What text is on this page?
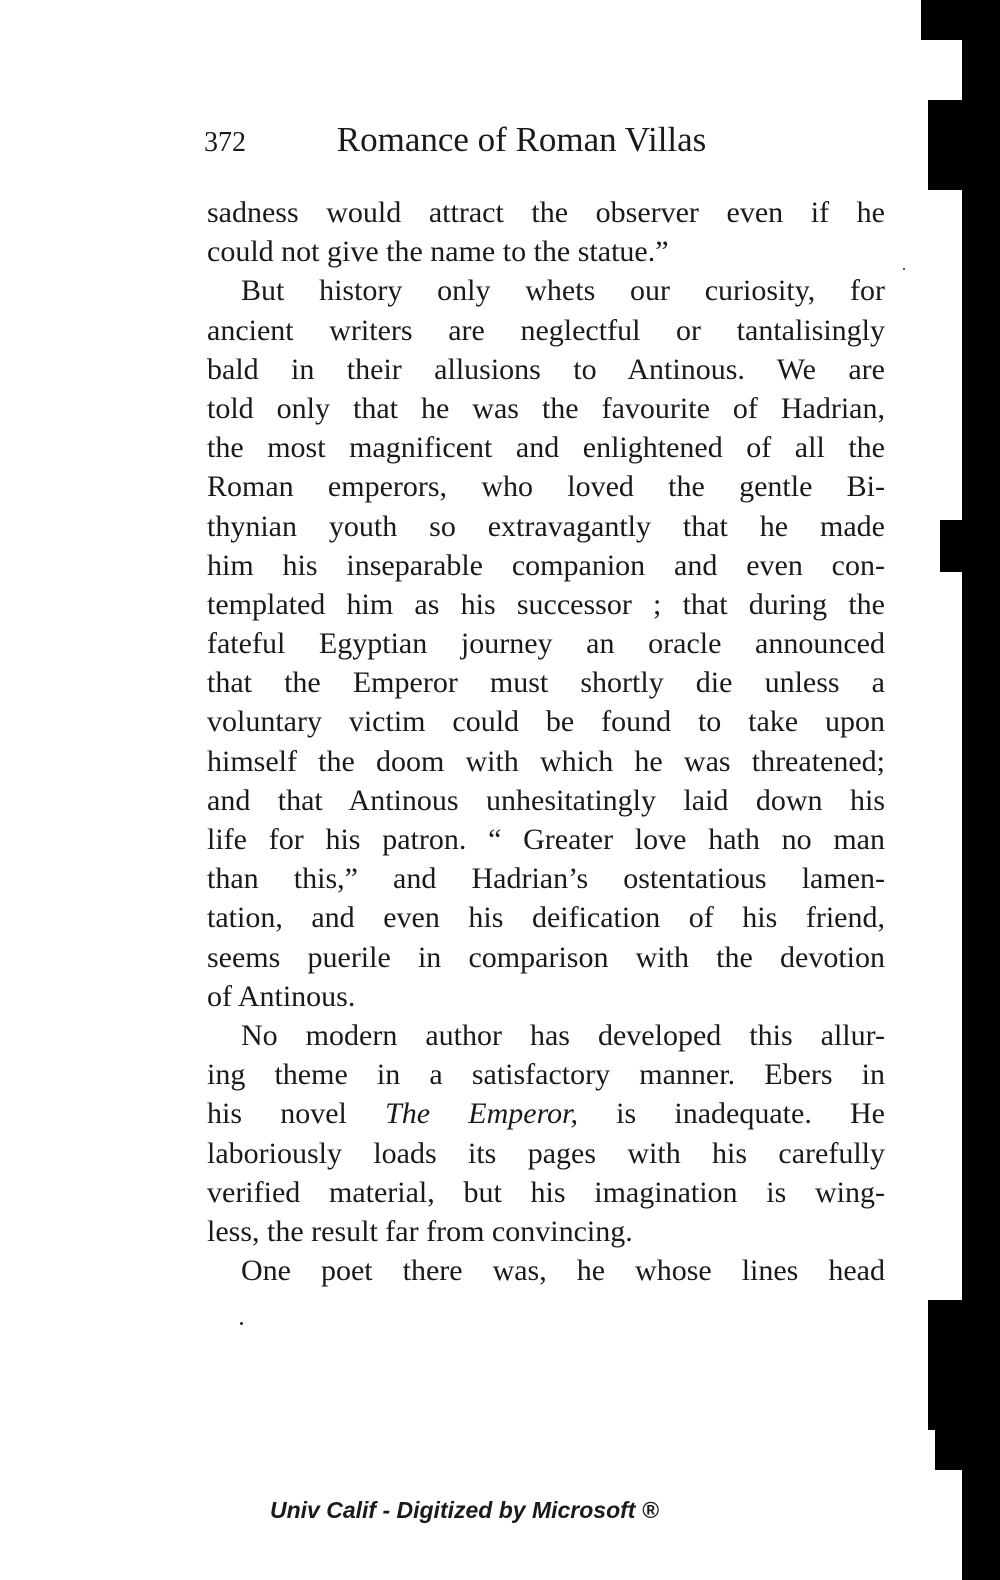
372	Romance of Roman Villas
sadness would attract the observer even if he
could not give the name to the statue.”
But history only whets our curiosity, for
ancient writers are neglectful or tantalisingly
bald in their allusions to Antinous. We are
told only that he was the favourite of Hadrian,
the most magnificent and enlightened of all the
Roman emperors, who loved the gentle Bi-
thynian youth so extravagantly that he made
him his inseparable companion and even con-
templated him as his successor ; that during the
fateful Egyptian journey an oracle announced
that the Emperor must shortly die unless a
voluntary victim could be found to take upon
himself the doom with which he was threatened;
and that Antinous unhesitatingly laid down his
life for his patron. “ Greater love hath no man
than this,” and Hadrian’s ostentatious lamen-
tation, and even his deification of his friend,
seems puerile in comparison with the devotion
of Antinous.
No modern author has developed this allur-
ing theme in a satisfactory manner. Ebers in
his novel The Emperor, is inadequate. He
laboriously loads its pages with his carefully
verified material, but his imagination is wing-
less, the result far from convincing.
One poet there was, he whose lines head
Univ Calif - Digitized by Microsoft ®
